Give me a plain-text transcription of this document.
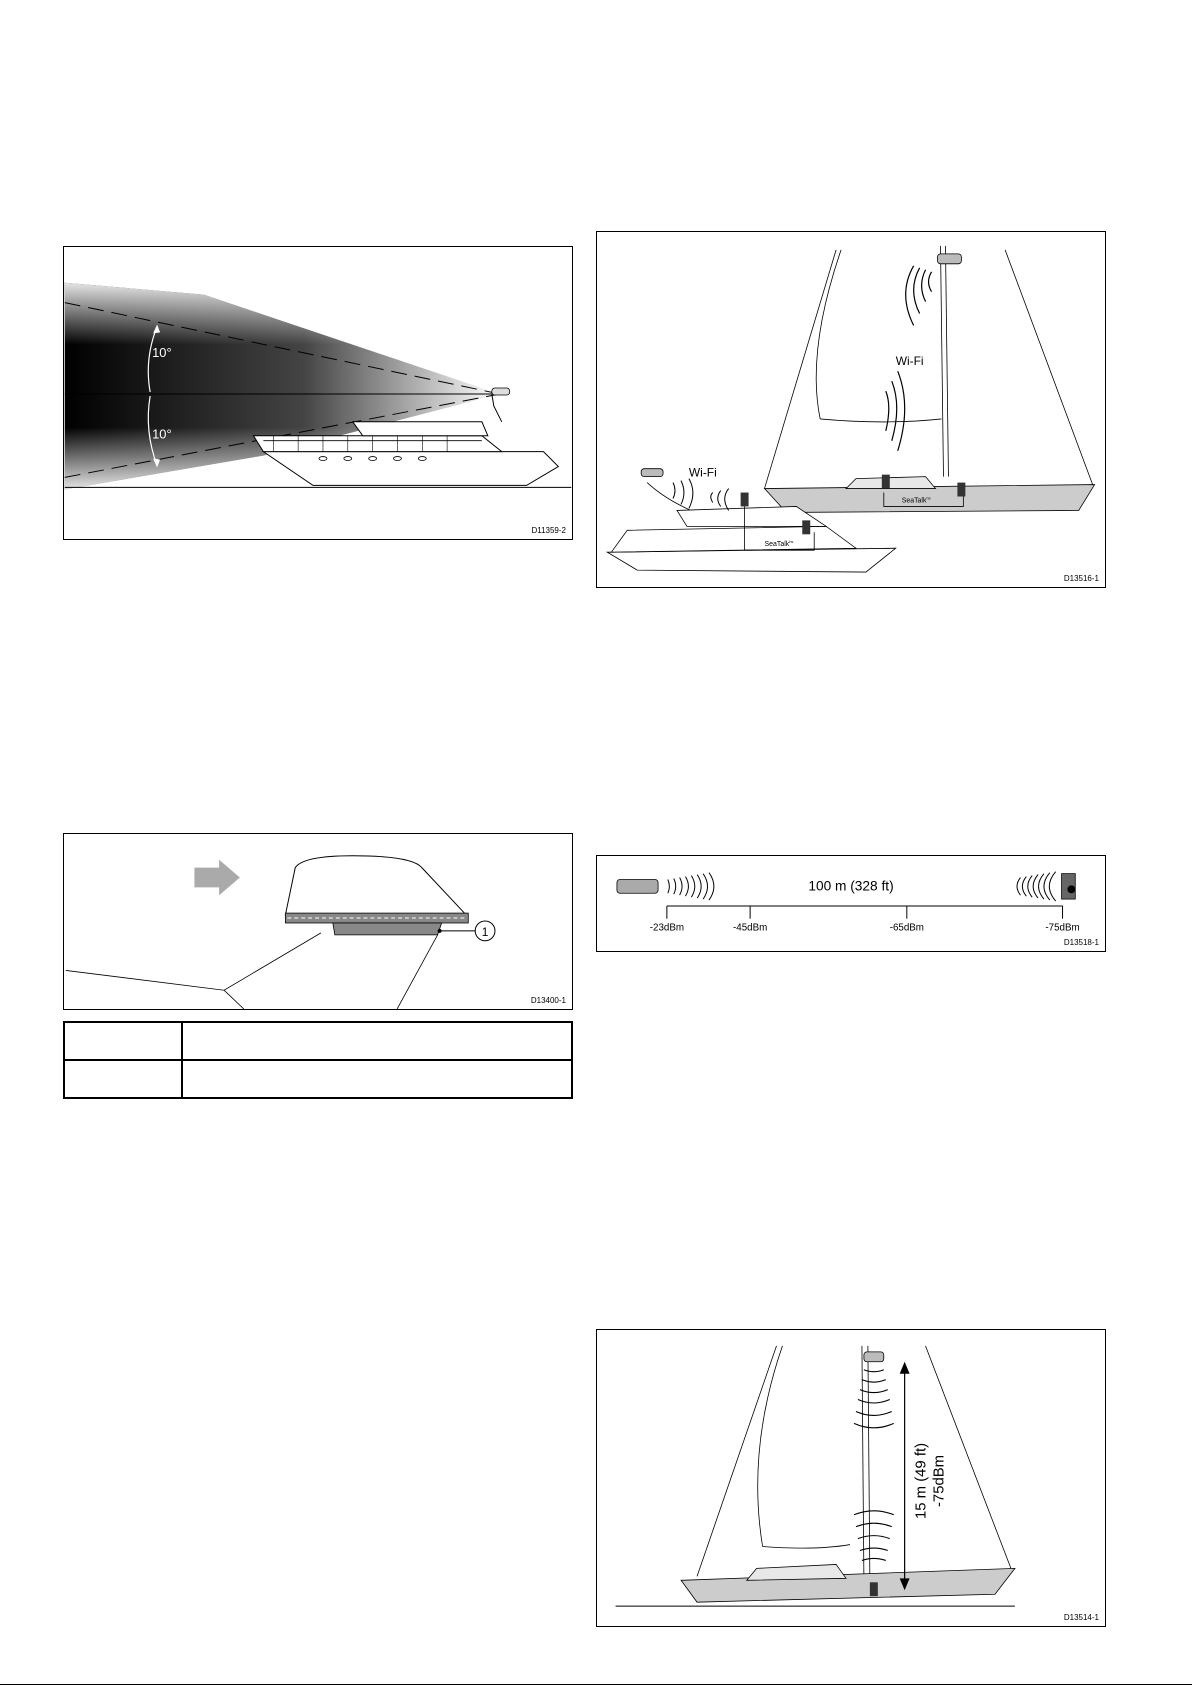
10°
10°
D11359-2
SeaTalk$^{hs}$
Wi-Fi
SeaTalk$^{hs}$
Wi-Fi
D13516-1
1
D13400-1

100 m (328 ft)
-23dBm	-45dBm	-65dBm	-75dBm
D13518-1
15 m (49 ft) -75dBm
D13514-1
